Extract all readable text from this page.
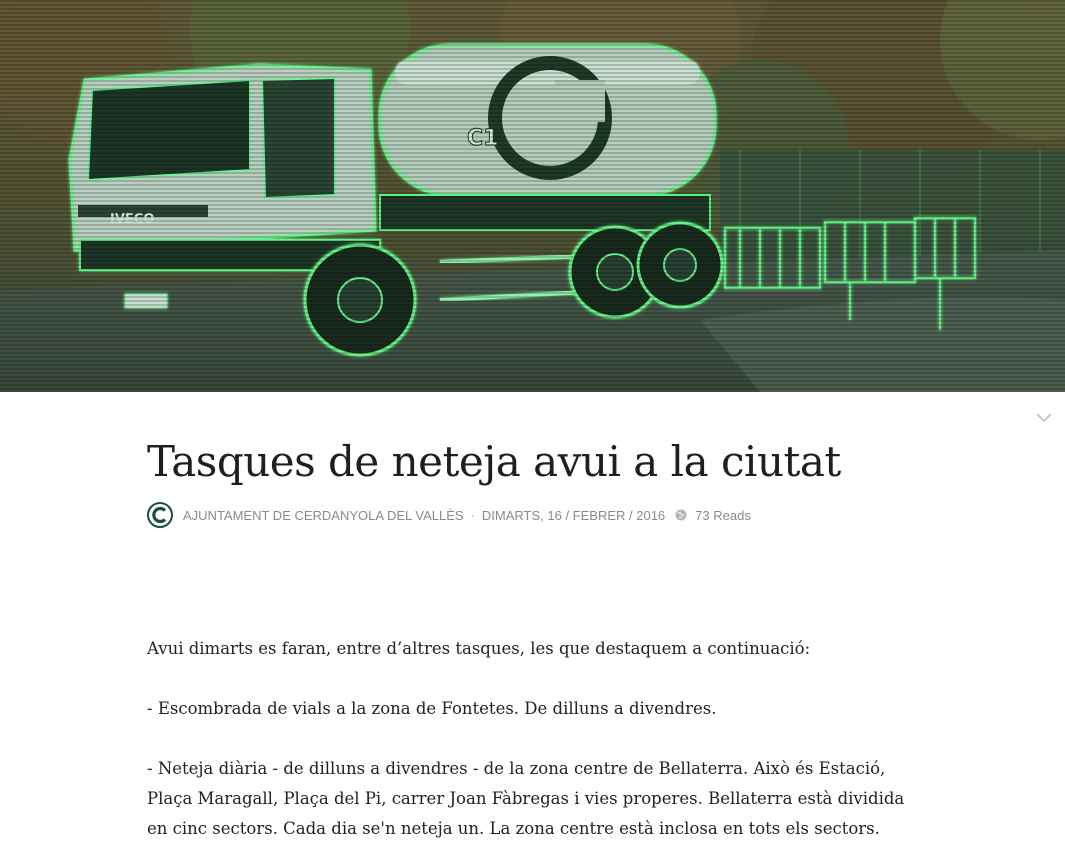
Tasques de neteja avui a la ciutat
AJUNTAMENT DE CERDANYOLA DEL VALLÈS · DIMARTS, 16 / FEBRER / 2016 73 Reads

Avui dimarts es faran, entre d’altres tasques, les que destaquem a continuació:

- Escombrada de vials a la zona de Fontetes. De dilluns a divendres.

- Neteja diària - de dilluns a divendres - de la zona centre de Bellaterra. Això és Estació, Plaça Maragall, Plaça del Pi, carrer Joan Fàbregas i vies properes. Bellaterra està dividida en cinc sectors. Cada dia se'n neteja un. La zona centre està inclosa en tots els sectors.
